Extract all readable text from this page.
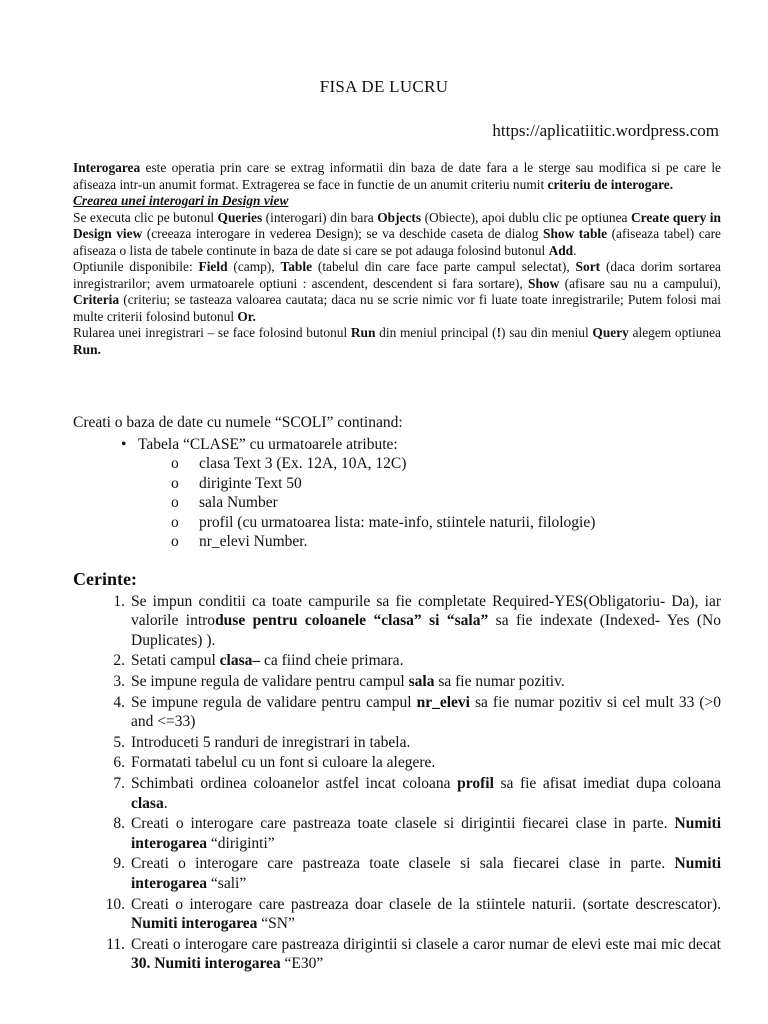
FISA DE LUCRU
https://aplicatiitic.wordpress.com

Interogarea este operatia prin care se extrag informatii din baza de date fara a le sterge sau modifica si pe care le afiseaza intr-un anumit format. Extragerea se face in functie de un anumit criteriu numit criteriu de interogare.

Crearea unei interogari in Design view

Se executa clic pe butonul Queries (interogari) din bara Objects (Obiecte), apoi dublu clic pe optiunea Create query in Design view (creeaza interogare in vederea Design); se va deschide caseta de dialog Show table (afiseaza tabel) care afiseaza o lista de tabele continute in baza de date si care se pot adauga folosind butonul Add.

Optiunile disponibile: Field (camp), Table (tabelul din care face parte campul selectat), Sort (daca dorim sortarea inregistrarilor; avem urmatoarele optiuni : ascendent, descendent si fara sortare), Show (afisare sau nu a campului), Criteria (criteriu; se tasteaza valoarea cautata; daca nu se scrie nimic vor fi luate toate inregistrarile; Putem folosi mai multe criterii folosind butonul Or.

Rularea unei inregistrari – se face folosind butonul Run din meniul principal (!) sau din meniul Query alegem optiunea Run.

Creati o baza de date cu numele “SCOLI” continand:

• Tabela “CLASE” cu urmatoarele atribute:
o	clasa Text 3 (Ex. 12A, 10A, 12C)
o	diriginte Text 50
o	sala Number
o	profil (cu urmatoarea lista: mate-info, stiintele naturii, filologie)
o	nr_elevi Number.
Cerinte:
1. Se impun conditii ca toate campurile sa fie completate Required-YES(Obligatoriu- Da), iar valorile introduse pentru coloanele “clasa” si “sala” sa fie indexate (Indexed- Yes (No Duplicates) ).
2. Setati campul clasa– ca fiind cheie primara.
3. Se impune regula de validare pentru campul sala sa fie numar pozitiv.
4. Se impune regula de validare pentru campul nr_elevi sa fie numar pozitiv si cel mult 33 (>0 and <=33)
5. Introduceti 5 randuri de inregistrari in tabela.
6. Formatati tabelul cu un font si culoare la alegere.
7. Schimbati ordinea coloanelor astfel incat coloana profil sa fie afisat imediat dupa coloana clasa.
8. Creati o interogare care pastreaza toate clasele si dirigintii fiecarei clase in parte. Numiti interogarea “diriginti”
9. Creati o interogare care pastreaza toate clasele si sala fiecarei clase in parte. Numiti interogarea “sali”
10. Creati o interogare care pastreaza doar clasele de la stiintele naturii. (sortate descrescator). Numiti interogarea “SN”
11. Creati o interogare care pastreaza dirigintii si clasele a caror numar de elevi este mai mic decat 30. Numiti interogarea “E30”
